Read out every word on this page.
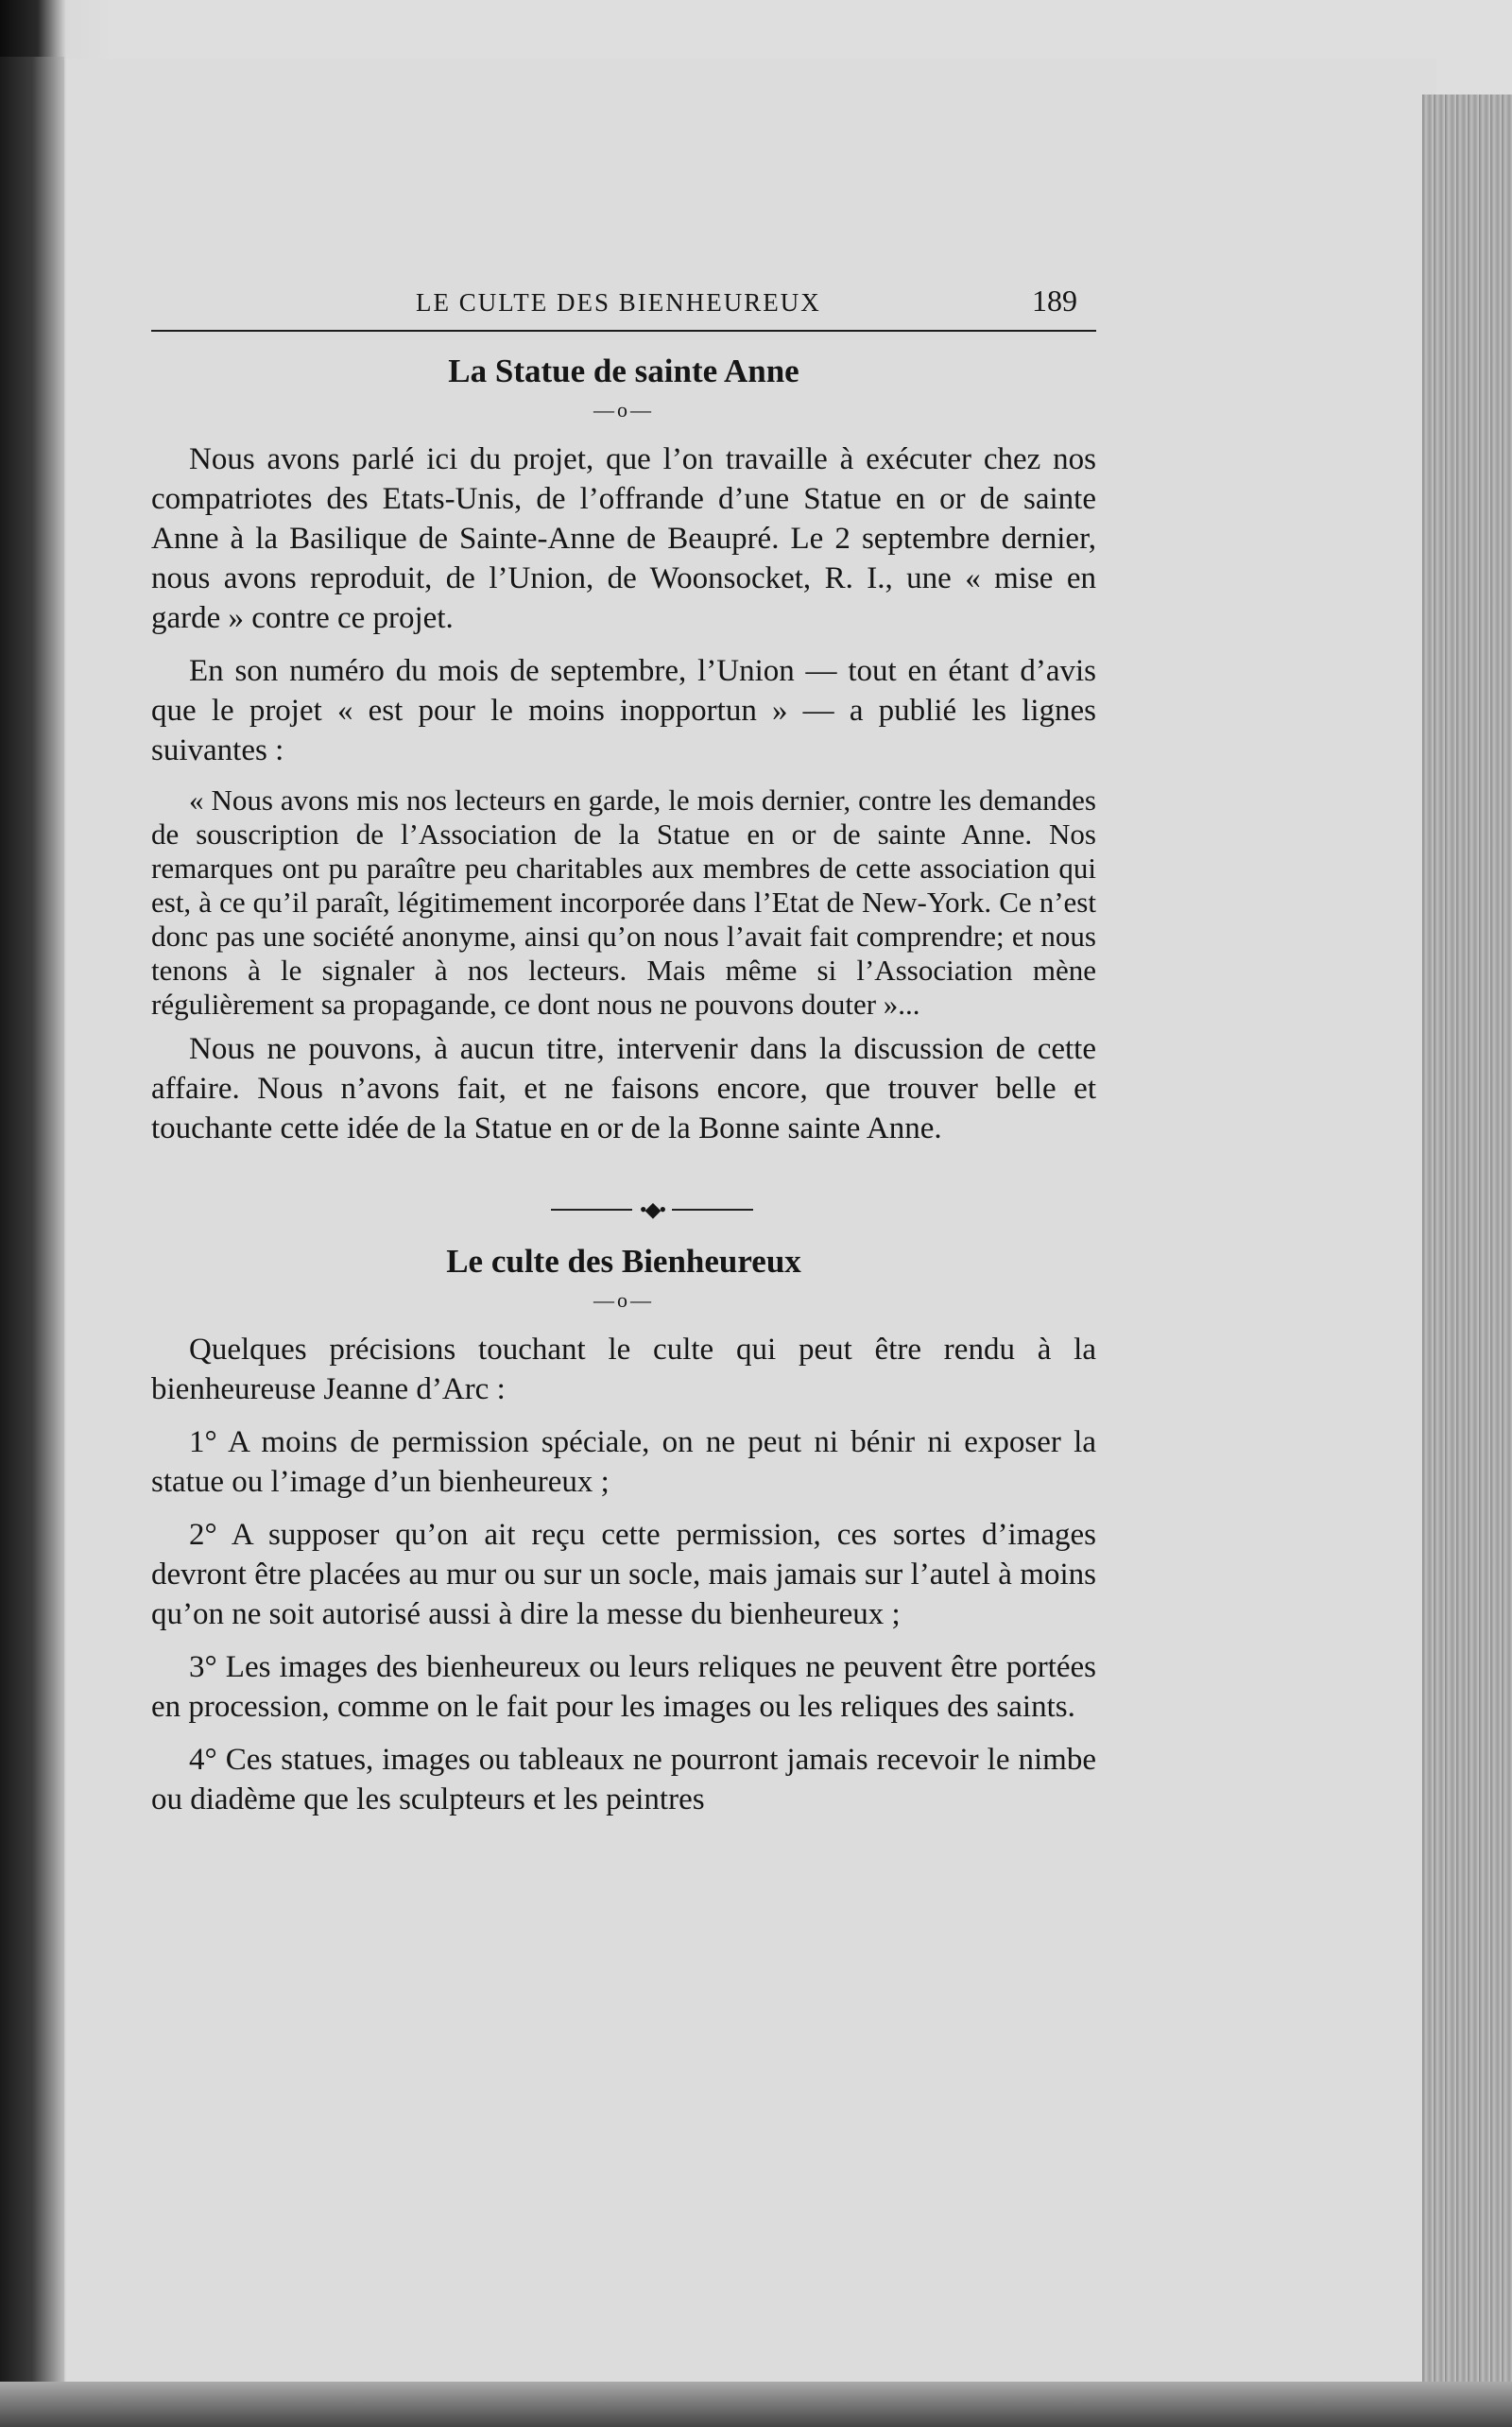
LE CULTE DES BIENHEUREUX	189
La Statue de sainte Anne
—o—

Nous avons parlé ici du projet, que l’on travaille à exécuter chez nos compatriotes des Etats-Unis, de l’offrande d’une Statue en or de sainte Anne à la Basilique de Sainte-Anne de Beaupré. Le 2 septembre dernier, nous avons reproduit, de l’Union, de Woonsocket, R. I., une « mise en garde » contre ce projet.

En son numéro du mois de septembre, l’Union — tout en étant d’avis que le projet « est pour le moins inopportun » — a publié les lignes suivantes :

« Nous avons mis nos lecteurs en garde, le mois dernier, contre les demandes de souscription de l’Association de la Statue en or de sainte Anne. Nos remarques ont pu paraître peu charitables aux membres de cette association qui est, à ce qu’il paraît, légitimement incorporée dans l’Etat de New-York. Ce n’est donc pas une société anonyme, ainsi qu’on nous l’avait fait comprendre; et nous tenons à le signaler à nos lecteurs. Mais même si l’Association mène régulièrement sa propagande, ce dont nous ne pouvons douter »...

Nous ne pouvons, à aucun titre, intervenir dans la discussion de cette affaire. Nous n’avons fait, et ne faisons encore, que trouver belle et touchante cette idée de la Statue en or de la Bonne sainte Anne.

•◆•
Le culte des Bienheureux
—o—

Quelques précisions touchant le culte qui peut être rendu à la bienheureuse Jeanne d’Arc :

1° A moins de permission spéciale, on ne peut ni bénir ni exposer la statue ou l’image d’un bienheureux ;

2° A supposer qu’on ait reçu cette permission, ces sortes d’images devront être placées au mur ou sur un socle, mais jamais sur l’autel à moins qu’on ne soit autorisé aussi à dire la messe du bienheureux ;

3° Les images des bienheureux ou leurs reliques ne peuvent être portées en procession, comme on le fait pour les images ou les reliques des saints.

4° Ces statues, images ou tableaux ne pourront jamais recevoir le nimbe ou diadème que les sculpteurs et les peintres
